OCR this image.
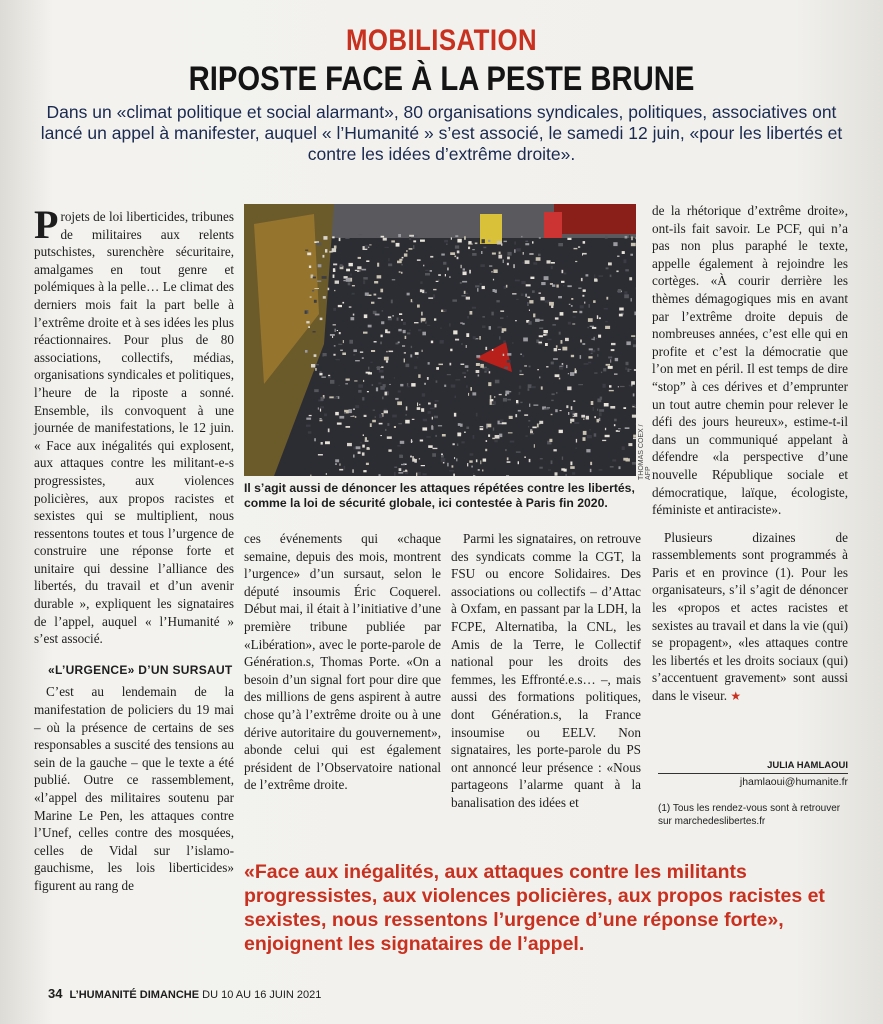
MOBILISATION
RIPOSTE FACE À LA PESTE BRUNE
Dans un «climat politique et social alarmant», 80 organisations syndicales, politiques, associatives ont lancé un appel à manifester, auquel « l’Humanité » s’est associé, le samedi 12 juin, «pour les libertés et contre les idées d’extrême droite».

Projets de loi liberticides, tribunes de militaires aux relents putschistes, surenchère sécuritaire, amalgames en tout genre et polémiques à la pelle… Le climat des derniers mois fait la part belle à l’extrême droite et à ses idées les plus réactionnaires. Pour plus de 80 associations, collectifs, médias, organisations syndicales et politiques, l’heure de la riposte a sonné. Ensemble, ils convoquent à une journée de manifestations, le 12 juin. « Face aux inégalités qui explosent, aux attaques contre les militant-e-s progressistes, aux violences policières, aux propos racistes et sexistes qui se multiplient, nous ressentons toutes et tous l’urgence de construire une réponse forte et unitaire qui dessine l’alliance des libertés, du travail et d’un avenir durable », expliquent les signataires de l’appel, auquel « l’Humanité » s’est associé.

«L’URGENCE» D’UN SURSAUT

C’est au lendemain de la manifestation de policiers du 19 mai – où la présence de certains de ses responsables a suscité des tensions au sein de la gauche – que le texte a été publié. Outre ce rassemblement, «l’appel des militaires soutenu par Marine Le Pen, les attaques contre l’Unef, celles contre des mosquées, celles de Vidal sur l’islamo-gauchisme, les lois liberticides» figurent au rang de

THOMAS COEX / AFP
Il s’agit aussi de dénoncer les attaques répétées contre les libertés, comme la loi de sécurité globale, ici contestée à Paris fin 2020.

ces événements qui «chaque semaine, depuis des mois, montrent l’urgence» d’un sursaut, selon le député insoumis Éric Coquerel. Début mai, il était à l’initiative d’une première tribune publiée par «Libération», avec le porte-parole de Génération.s, Thomas Porte. «On a besoin d’un signal fort pour dire que des millions de gens aspirent à autre chose qu’à l’extrême droite ou à une dérive autoritaire du gouvernement», abonde celui qui est également président de l’Observatoire national de l’extrême droite.

Parmi les signataires, on retrouve des syndicats comme la CGT, la FSU ou encore Solidaires. Des associations ou collectifs – d’Attac à Oxfam, en passant par la LDH, la FCPE, Alternatiba, la CNL, les Amis de la Terre, le Collectif national pour les droits des femmes, les Effronté.e.s… –, mais aussi des formations politiques, dont Génération.s, la France insoumise ou EELV. Non signataires, les porte-parole du PS ont annoncé leur présence : «Nous partageons l’alarme quant à la banalisation des idées et

de la rhétorique d’extrême droite», ont-ils fait savoir. Le PCF, qui n’a pas non plus paraphé le texte, appelle également à rejoindre les cortèges. «À courir derrière les thèmes démagogiques mis en avant par l’extrême droite depuis de nombreuses années, c’est elle qui en profite et c’est la démocratie que l’on met en péril. Il est temps de dire “stop” à ces dérives et d’emprunter un tout autre chemin pour relever le défi des jours heureux», estime-t-il dans un communiqué appelant à défendre «la perspective d’une nouvelle République sociale et démocratique, laïque, écologiste, féministe et antiraciste».

Plusieurs dizaines de rassemblements sont programmés à Paris et en province (1). Pour les organisateurs, s’il s’agit de dénoncer les «propos et actes racistes et sexistes au travail et dans la vie (qui) se propagent», «les attaques contre les libertés et les droits sociaux (qui) s’accentuent gravement» sont aussi dans le viseur. ★

JULIA HAMLAOUI
jhamlaoui@humanite.fr
(1) Tous les rendez-vous sont à retrouver sur marchedeslibertes.fr
«Face aux inégalités, aux attaques contre les militants progressistes, aux violences policières, aux propos racistes et sexistes, nous ressentons l’urgence d’une réponse forte», enjoignent les signataires de l’appel.
34 L’HUMANITÉ DIMANCHE DU 10 AU 16 JUIN 2021
